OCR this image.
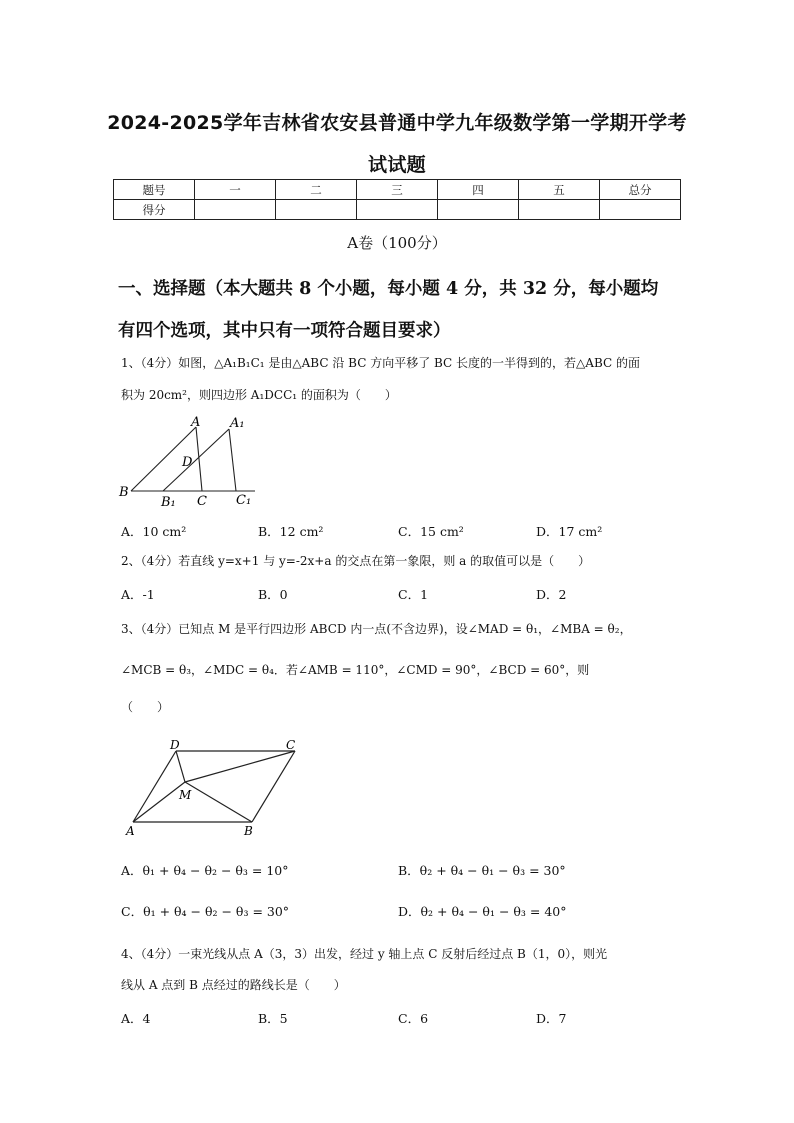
2024-2025学年吉林省农安县普通中学九年级数学第一学期开学考
试试题
题号	一	二	三	四	五	总分
得分						
A卷（100分）
一、选择题（本大题共 8 个小题，每小题 4 分，共 32 分，每小题均
有四个选项，其中只有一项符合题目要求）
1、（4分）如图，△A₁B₁C₁ 是由△ABC 沿 BC 方向平移了 BC 长度的一半得到的，若△ABC 的面
积为 20cm²，则四边形 A₁DCC₁ 的面积为（　　）
A A₁
D
B
B₁ C C₁
A．10 cm²	B．12 cm²	C．15 cm²	D．17 cm²
2、（4分）若直线 y=x+1 与 y=-2x+a 的交点在第一象限，则 a 的取值可以是（　　）
A．-1	B．0	C．1	D．2
3、（4分）已知点 M 是平行四边形 ABCD 内一点(不含边界)，设∠MAD = θ₁，∠MBA = θ₂，
∠MCB = θ₃，∠MDC = θ₄．若∠AMB = 110°，∠CMD = 90°，∠BCD = 60°，则
（　　）
D	C
M
A	B
A．θ₁ + θ₄ − θ₂ − θ₃ = 10°	B．θ₂ + θ₄ − θ₁ − θ₃ = 30°
C．θ₁ + θ₄ − θ₂ − θ₃ = 30°	D．θ₂ + θ₄ − θ₁ − θ₃ = 40°
4、（4分）一束光线从点 A（3，3）出发，经过 y 轴上点 C 反射后经过点 B（1，0），则光
线从 A 点到 B 点经过的路线长是（　　）
A．4	B．5	C．6	D．7
